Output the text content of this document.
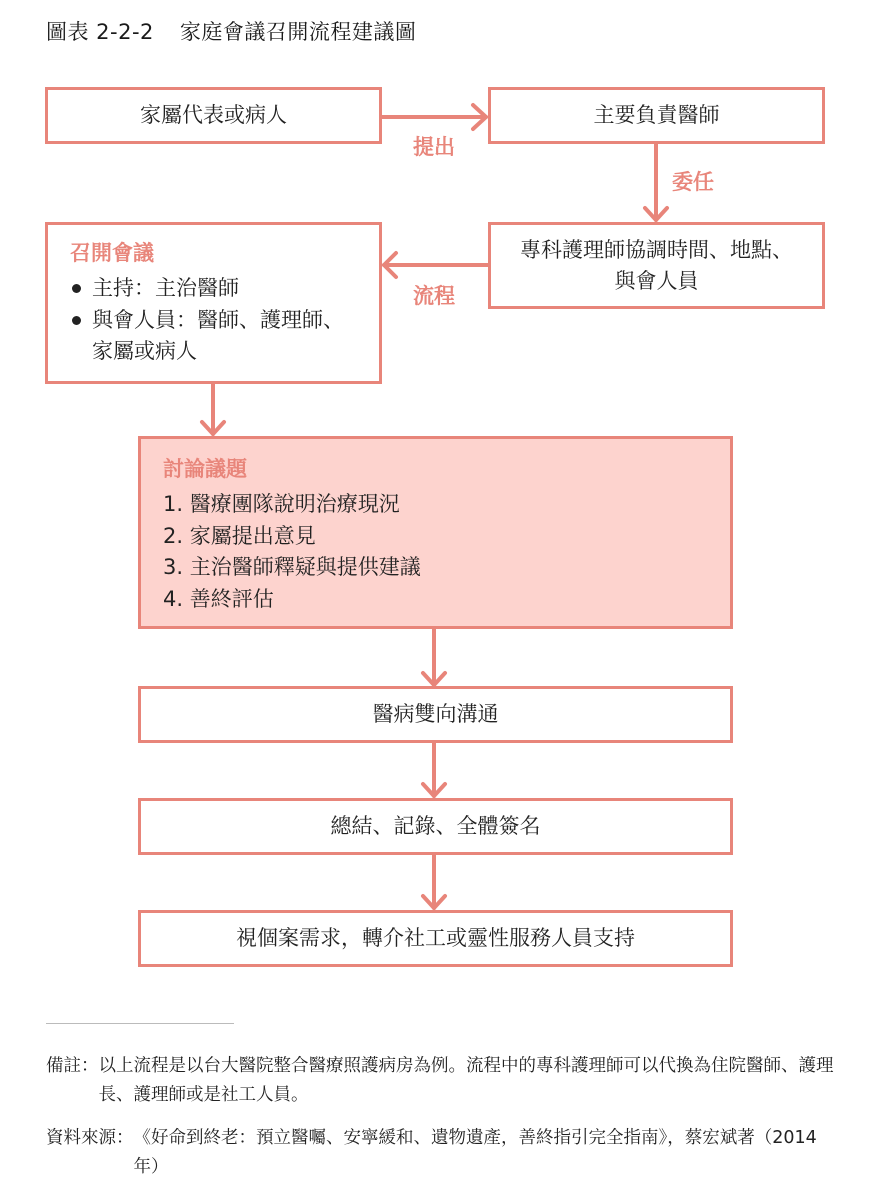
圖表 2-2-2 家庭會議召開流程建議圖
提出
委任
流程
家屬代表或病人	主要負責醫師
專科護理師協調時間、地點、與會人員
召開會議
主持：主治醫師
與會人員：醫師、護理師、家屬或病人
討論議題
1. 醫療團隊說明治療現況
2. 家屬提出意見
3. 主治醫師釋疑與提供建議
4. 善終評估
醫病雙向溝通
總結、記錄、全體簽名
視個案需求，轉介社工或靈性服務人員支持
備註： 以上流程是以台大醫院整合醫療照護病房為例。流程中的專科護理師可以代換為住院醫師、護理長、護理師或是社工人員。
資料來源： 《好命到終老：預立醫囑、安寧緩和、遺物遺產，善終指引完全指南》，蔡宏斌著（2014 年）
